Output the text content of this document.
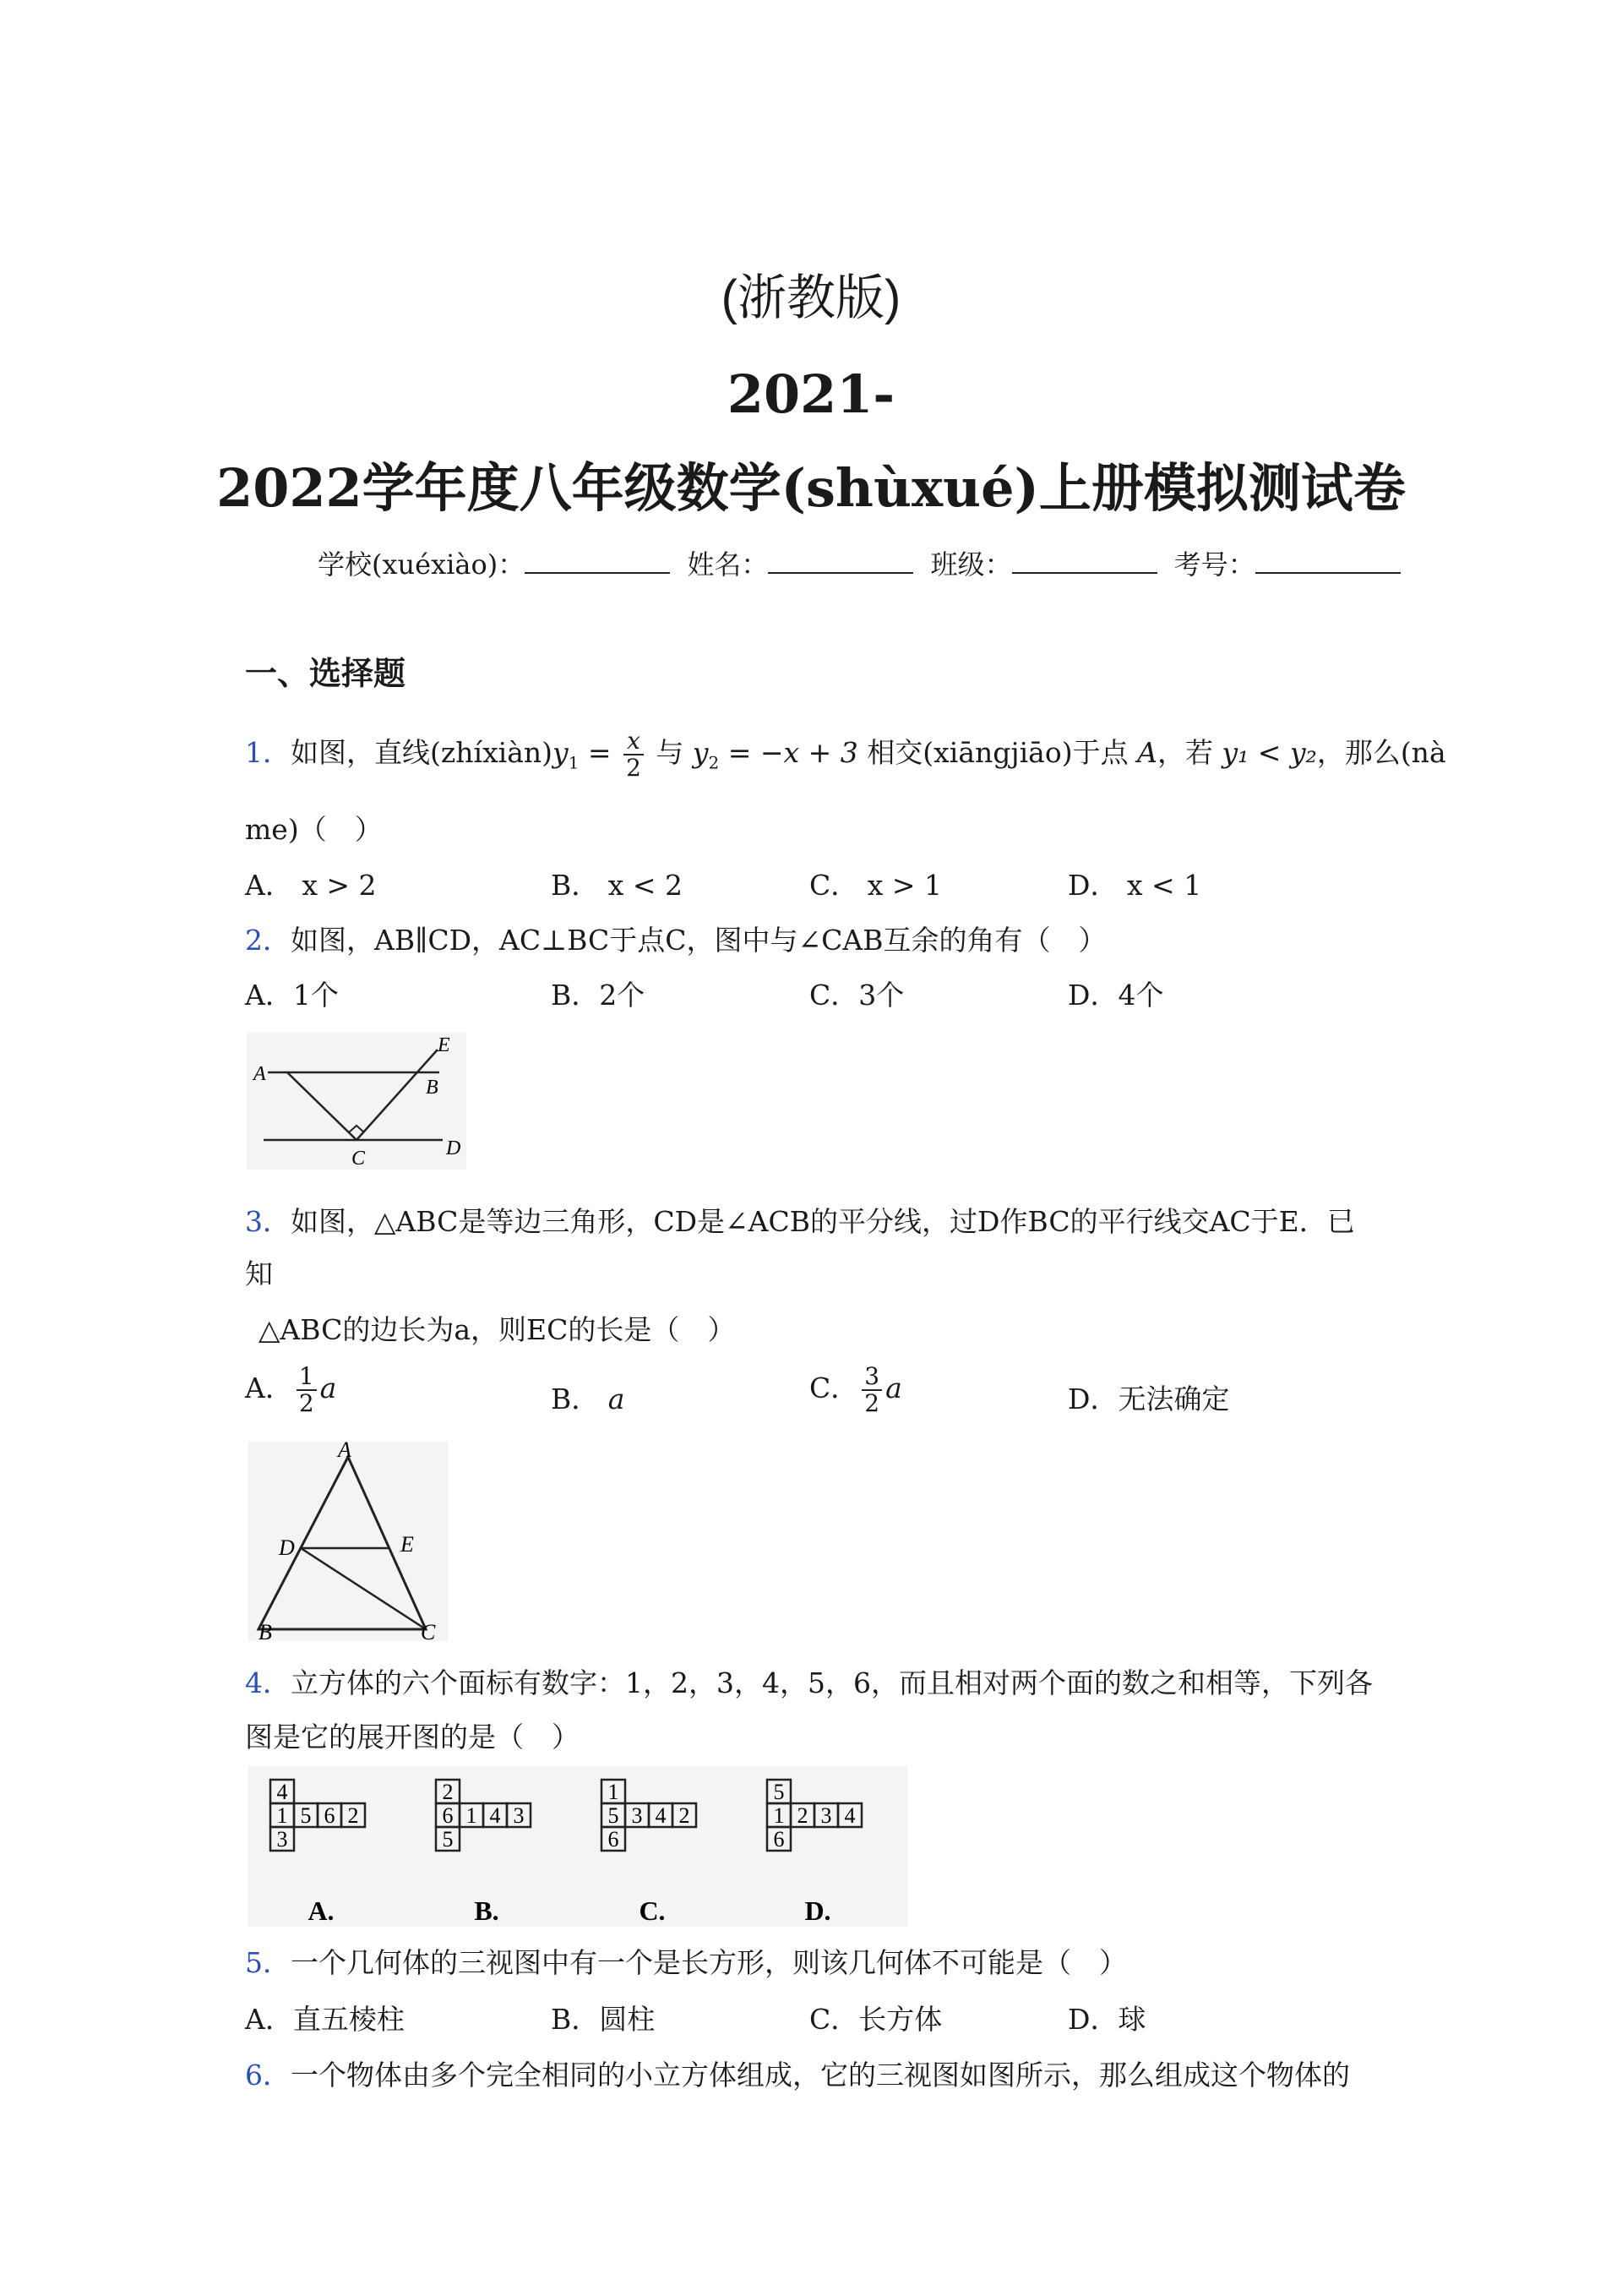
(浙教版)
2021-
2022学年度八年级数学(shùxué)上册模拟测试卷
学校(xuéxiào)：	姓名：	班级：	考号：
一、选择题
1．如图，直线$(zhíxiàn)y_1 = \frac{x}{2}$ 与 $y_2 = -x + 3$ 相交(xiāngjiāo)于点 A，若 y₁ < y₂，那么(nà
me)（　）
A． x > 2	B． x < 2	C． x > 1	D． x < 1
2．如图，AB∥CD，AC⊥BC于点C，图中与∠CAB互余的角有（　）
A．1个	B．2个	C．3个	D．4个
A
E
B
C	D
3．如图，△ABC是等边三角形，CD是∠ACB的平分线，过D作BC的平行线交AC于E．已
知
△ABC的边长为a，则EC的长是（　）
A． $\frac{1}{2}$ a	B． a	C． $\frac{3}{2}$ a	D．无法确定
A
D	E
B	C
4．立方体的六个面标有数字：1，2，3，4，5，6，而且相对两个面的数之和相等，下列各
图是它的展开图的是（　）
4
1 5 6 2
3
A.
2
6 1 4 3
5
B.
1
5 3 4 2
6
C.
5
1 2 3 4
6
D.
5．一个几何体的三视图中有一个是长方形，则该几何体不可能是（　）
A．直五棱柱	B．圆柱	C．长方体	D．球
6．一个物体由多个完全相同的小立方体组成，它的三视图如图所示，那么组成这个物体的
